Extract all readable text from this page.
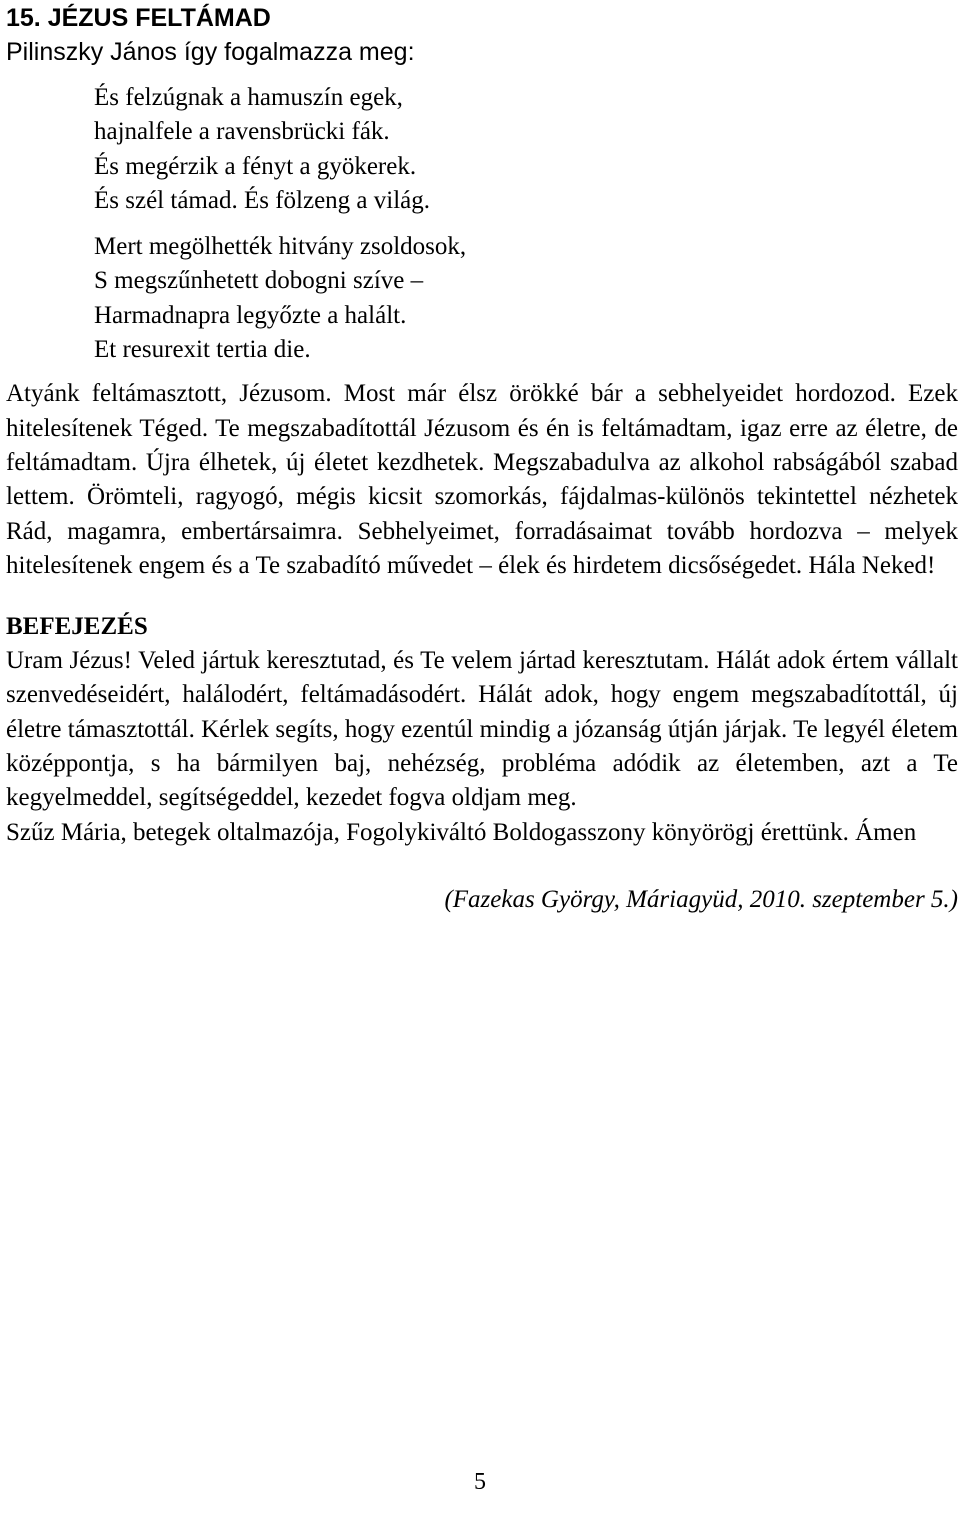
15. JÉZUS FELTÁMAD

Pilinszky János így fogalmazza meg:

És felzúgnak a hamuszín egek,
hajnalfele a ravensbrücki fák.
És megérzik a fényt a gyökerek.
És szél támad. És fölzeng a világ.
Mert megölhették hitvány zsoldosok,
S megszűnhetett dobogni szíve –
Harmadnapra legyőzte a halált.
Et resurexit tertia die.

Atyánk feltámasztott, Jézusom. Most már élsz örökké bár a sebhelyeidet hordozod. Ezek hitelesítenek Téged. Te megszabadítottál Jézusom és én is feltámadtam, igaz erre az életre, de feltámadtam. Újra élhetek, új életet kezdhetek. Megszabadulva az alkohol rabságából szabad lettem. Örömteli, ragyogó, mégis kicsit szomorkás, fájdalmas-különös tekintettel nézhetek Rád, magamra, embertársaimra. Sebhelyeimet, forradásaimat tovább hordozva – melyek hitelesítenek engem és a Te szabadító művedet – élek és hirdetem dicsőségedet. Hála Neked!

BEFEJEZÉS

Uram Jézus! Veled jártuk keresztutad, és Te velem jártad keresztutam. Hálát adok értem vállalt szenvedéseidért, halálodért, feltámadásodért. Hálát adok, hogy engem megszabadítottál, új életre támasztottál. Kérlek segíts, hogy ezentúl mindig a józanság útján járjak. Te legyél életem középpontja, s ha bármilyen baj, nehézség, probléma adódik az életemben, azt a Te kegyelmeddel, segítségeddel, kezedet fogva oldjam meg.

Szűz Mária, betegek oltalmazója, Fogolykiváltó Boldogasszony könyörögj érettünk. Ámen

(Fazekas György, Máriagyüd, 2010. szeptember 5.)

5
